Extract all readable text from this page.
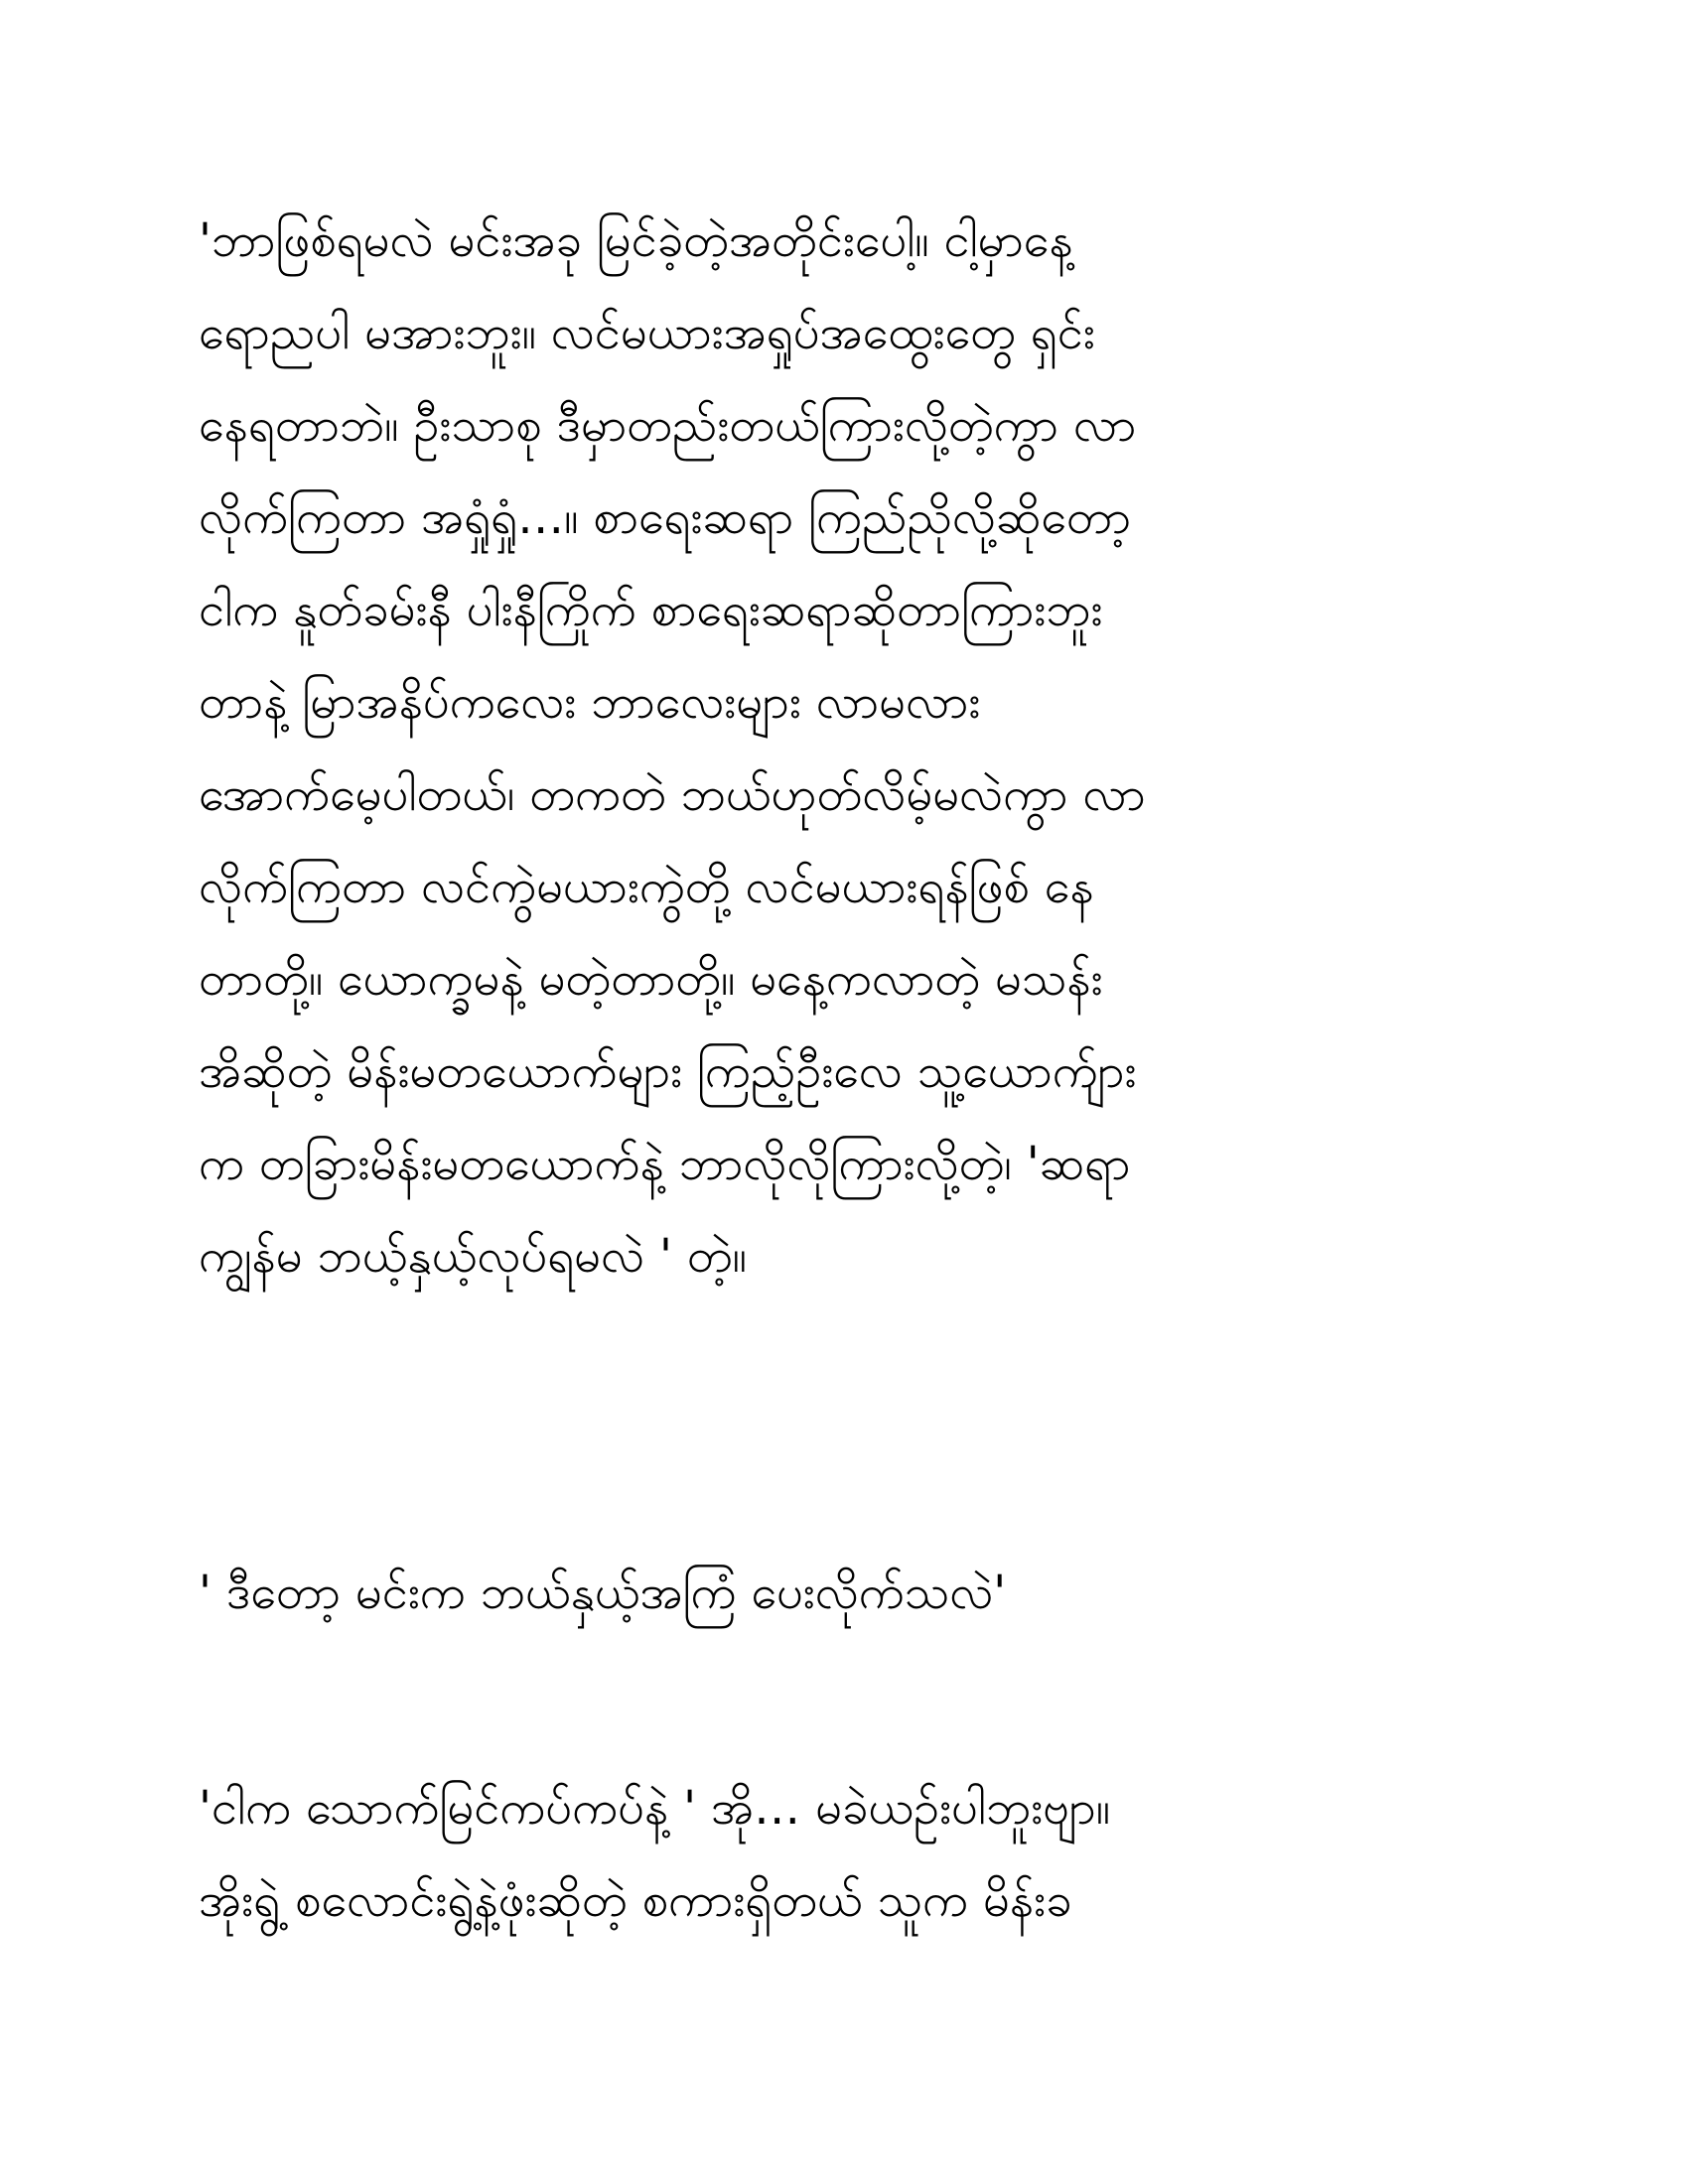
'ဘာဖြစ်ရမလဲ မင်းအခု မြင်ခဲ့တဲ့အတိုင်းပေါ့။ ငါ့မှာနေ့
ရောညပါ မအားဘူး။ လင်မယားအရှုပ်အထွေးတွေ ရှင်း
နေရတာဘဲ။ ဦးသာစု ဒီမှာတည်းတယ်ကြားလို့တဲ့ကွာ လာ
လိုက်ကြတာ အရှုံရှုံ…။ စာရေးဆရာ ကြည်ညိုလို့ဆိုတော့
ငါက နူတ်ခမ်းနီ ပါးနီကြိုက် စာရေးဆရာဆိုတာကြားဘူး
တာနဲ့ မြာအနိပ်ကလေး ဘာလေးများ လာမလား
အောက်မေ့ပါတယ်၊ တကတဲ ဘယ်ဟုတ်လိမ့်မလဲကွာ လာ
လိုက်ကြတာ လင်ကွဲမယားကွဲတို့ လင်မယားရန်ဖြစ် နေ
တာတို့။ ယောက္ခမနဲ့ မတဲ့တာတို့။ မနေ့ကလာတဲ့ မသန်း
အိဆိုတဲ့ မိန်းမတယောက်များ ကြည့်ဦးလေ သူ့ယောက်ျား
က တခြားမိန်းမတယောက်နဲ့ ဘာလိုလိုကြားလို့တဲ့၊ 'ဆရာ
ကျွန်မ ဘယ့်နှယ့်လုပ်ရမလဲ ' တဲ့။
' ဒီတော့ မင်းက ဘယ်နှယ့်အကြံ ပေးလိုက်သလဲ'
'ငါက သောက်မြင်ကပ်ကပ်နဲ့ ' အို… မခဲယဉ်းပါဘူးဗျာ။
အိုးရွဲ့ စလောင်းရွဲ့နဲ့ဖုံးဆိုတဲ့ စကားရှိတယ် သူက မိန်းခ
